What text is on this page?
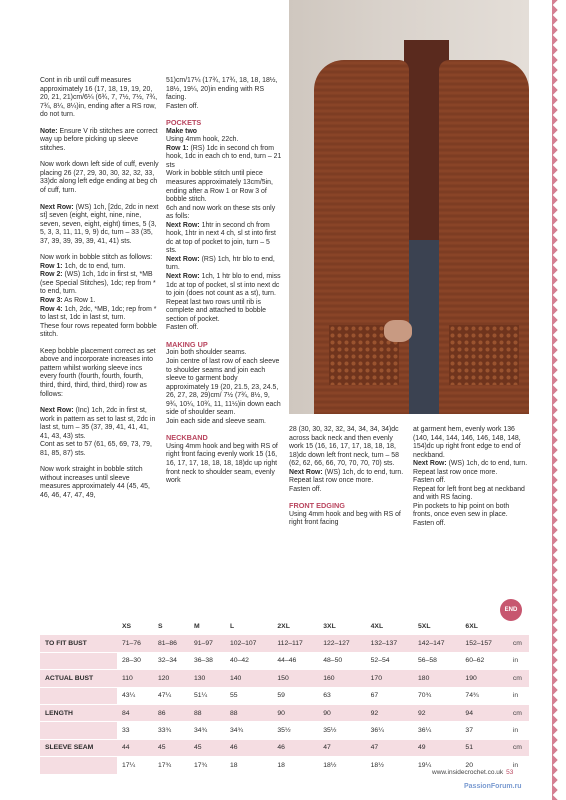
Cont in rib until cuff measures approximately 16 (17, 18, 19, 19, 20, 20, 21, 21)cm/6¼ (6¾, 7, 7½, 7½, 7¾, 7¾, 8¼, 8¼)in, ending after a RS row, do not turn.

Note: Ensure V rib stitches are correct way up before picking up sleeve stitches.

Now work down left side of cuff, evenly placing 26 (27, 29, 30, 30, 32, 32, 33, 33)dc along left edge ending at beg ch of cuff, turn.

Next Row: (WS) 1ch, [2dc, 2dc in next st] seven (eight, eight, nine, nine, seven, seven, eight, eight) times, 5 (3, 5, 3, 3, 11, 11, 9, 9) dc, turn – 33 (35, 37, 39, 39, 39, 39, 41, 41) sts.

Now work in bobble stitch as follows:

Row 1: 1ch, dc to end, turn.

Row 2: (WS) 1ch, 1dc in first st, *MB (see Special Stitches), 1dc; rep from * to end, turn.

Row 3: As Row 1.

Row 4: 1ch, 2dc, *MB, 1dc; rep from * to last st, 1dc in last st, turn.

These four rows repeated form bobble stitch.

Keep bobble placement correct as set above and incorporate increases into pattern whilst working sleeve incs every fourth (fourth, fourth, fourth, third, third, third, third, third) row as follows:

Next Row: (Inc) 1ch, 2dc in first st, work in pattern as set to last st, 2dc in last st, turn – 35 (37, 39, 41, 41, 41, 41, 43, 43) sts.

Cont as set to 57 (61, 65, 69, 73, 79, 81, 85, 87) sts.

Now work straight in bobble stitch without increases until sleeve measures approximately 44 (45, 45, 46, 46, 47, 47, 49,

51)cm/17¼ (17¾, 17¾, 18, 18, 18½, 18½, 19¼, 20)in ending with RS facing.

Fasten off.

POCKETS
Make two

Using 4mm hook, 22ch.

Row 1: (RS) 1dc in second ch from hook, 1dc in each ch to end, turn – 21 sts

Work in bobble stitch until piece measures approximately 13cm/5in, ending after a Row 1 or Row 3 of bobble stitch.

6ch and now work on these sts only as folls:

Next Row: 1htr in second ch from hook, 1htr in next 4 ch, sl st into first dc at top of pocket to join, turn – 5 sts.

Next Row: (RS) 1ch, htr blo to end, turn.

Next Row: 1ch, 1 htr blo to end, miss 1dc at top of pocket, sl st into next dc to join (does not count as a st), turn.

Repeat last two rows until rib is complete and attached to bobble section of pocket.

Fasten off.

MAKING UP

Join both shoulder seams.

Join centre of last row of each sleeve to shoulder seams and join each sleeve to garment body approximately 19 (20, 21.5, 23, 24.5, 26, 27, 28, 29)cm/ 7½ (7¾, 8½, 9, 9¾, 10¼, 10¾, 11, 11½)in down each side of shoulder seam.

Join each side and sleeve seam.

NECKBAND

Using 4mm hook and beg with RS of right front facing evenly work 15 (16, 16, 17, 17, 18, 18, 18, 18)dc up right front neck to shoulder seam, evenly work

28 (30, 30, 32, 32, 34, 34, 34, 34)dc across back neck and then evenly work 15 (16, 16, 17, 17, 18, 18, 18, 18)dc down left front neck, turn – 58 (62, 62, 66, 66, 70, 70, 70, 70) sts.

Next Row: (WS) 1ch, dc to end, turn.

Repeat last row once more.

Fasten off.

FRONT EDGING

Using 4mm hook and beg with RS of right front facing

at garment hem, evenly work 136 (140, 144, 144, 146, 146, 148, 148, 154)dc up right front edge to end of neckband.

Next Row: (WS) 1ch, dc to end, turn.

Repeat last row once more.

Fasten off.

Repeat for left front beg at neckband and with RS facing.

Pin pockets to hip point on both fronts, once even sew in place.

Fasten off.

END
	XS	S	M	L	2XL	3XL	4XL	5XL	6XL	
TO FIT BUST	71–76	81–86	91–97	102–107	112–117	122–127	132–137	142–147	152–157	cm
	28–30	32–34	36–38	40–42	44–46	48–50	52–54	56–58	60–62	in
ACTUAL BUST	110	120	130	140	150	160	170	180	190	cm
	43¼	47¼	51¼	55	59	63	67	70¾	74¾	in
LENGTH	84	86	88	88	90	90	92	92	94	cm
	33	33¾	34¾	34¾	35½	35½	36¼	36¼	37	in
SLEEVE SEAM	44	45	45	46	46	47	47	49	51	cm
	17¼	17¾	17¾	18	18	18½	18½	19¼	20	in
www.insidecrochet.co.uk 53
PassionForum.ru
